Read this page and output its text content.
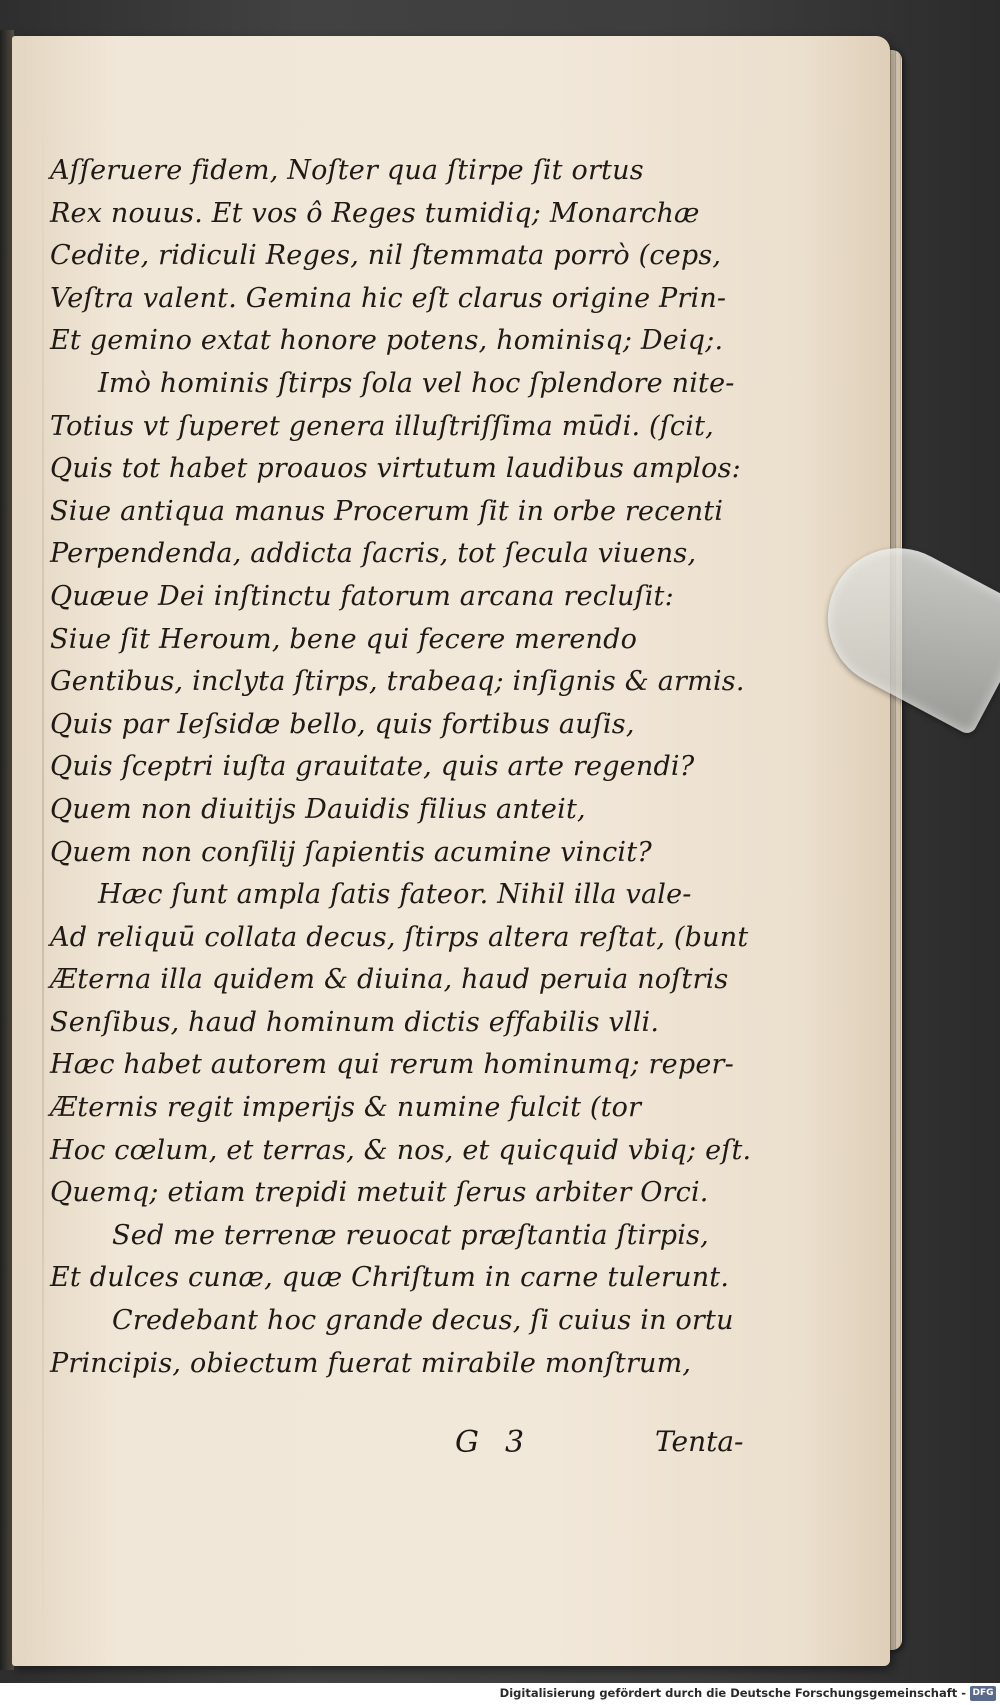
Aſſeruere fidem, Noſter qua ſtirpe ſit ortus
Rex nouus. Et vos ô Reges tumidiq; Monarchæ
Cedite, ridiculi Reges, nil ſtemmata porrò (ceps,
Veſtra valent. Gemina hic eſt clarus origine Prin-
Et gemino extat honore potens, hominisq; Deiq;.
Imò hominis ſtirps ſola vel hoc ſplendore nite-
Totius vt ſuperet genera illuſtriſſima mūdi. (ſcit,
Quis tot habet proauos virtutum laudibus amplos:
Siue antiqua manus Procerum ſit in orbe recenti
Perpendenda, addicta ſacris, tot ſecula viuens,
Quæue Dei inſtinctu fatorum arcana recluſit:
Siue ſit Heroum, bene qui fecere merendo
Gentibus, inclyta ſtirps, trabeaq; inſignis & armis.
Quis par Ieſsidæ bello, quis fortibus auſis,
Quis ſceptri iuſta grauitate, quis arte regendi?
Quem non diuitijs Dauidis filius anteit,
Quem non conſilij ſapientis acumine vincit?
Hæc ſunt ampla ſatis fateor. Nihil illa vale-
Ad reliquū collata decus, ſtirps altera reſtat, (bunt
Æterna illa quidem & diuina, haud peruia noſtris
Senſibus, haud hominum dictis effabilis vlli.
Hæc habet autorem qui rerum hominumq; reper-
Æternis regit imperijs & numine fulcit (tor
Hoc cœlum, et terras, & nos, et quicquid vbiq; eſt.
Quemq; etiam trepidi metuit ſerus arbiter Orci.
Sed me terrenæ reuocat præſtantia ſtirpis,
Et dulces cunæ, quæ Chriſtum in carne tulerunt.
Credebant hoc grande decus, ſi cuius in ortu
Principis, obiectum fuerat mirabile monſtrum,
G 3	Tenta-
Digitalisierung gefördert durch die Deutsche Forschungsgemeinschaft - DFG
